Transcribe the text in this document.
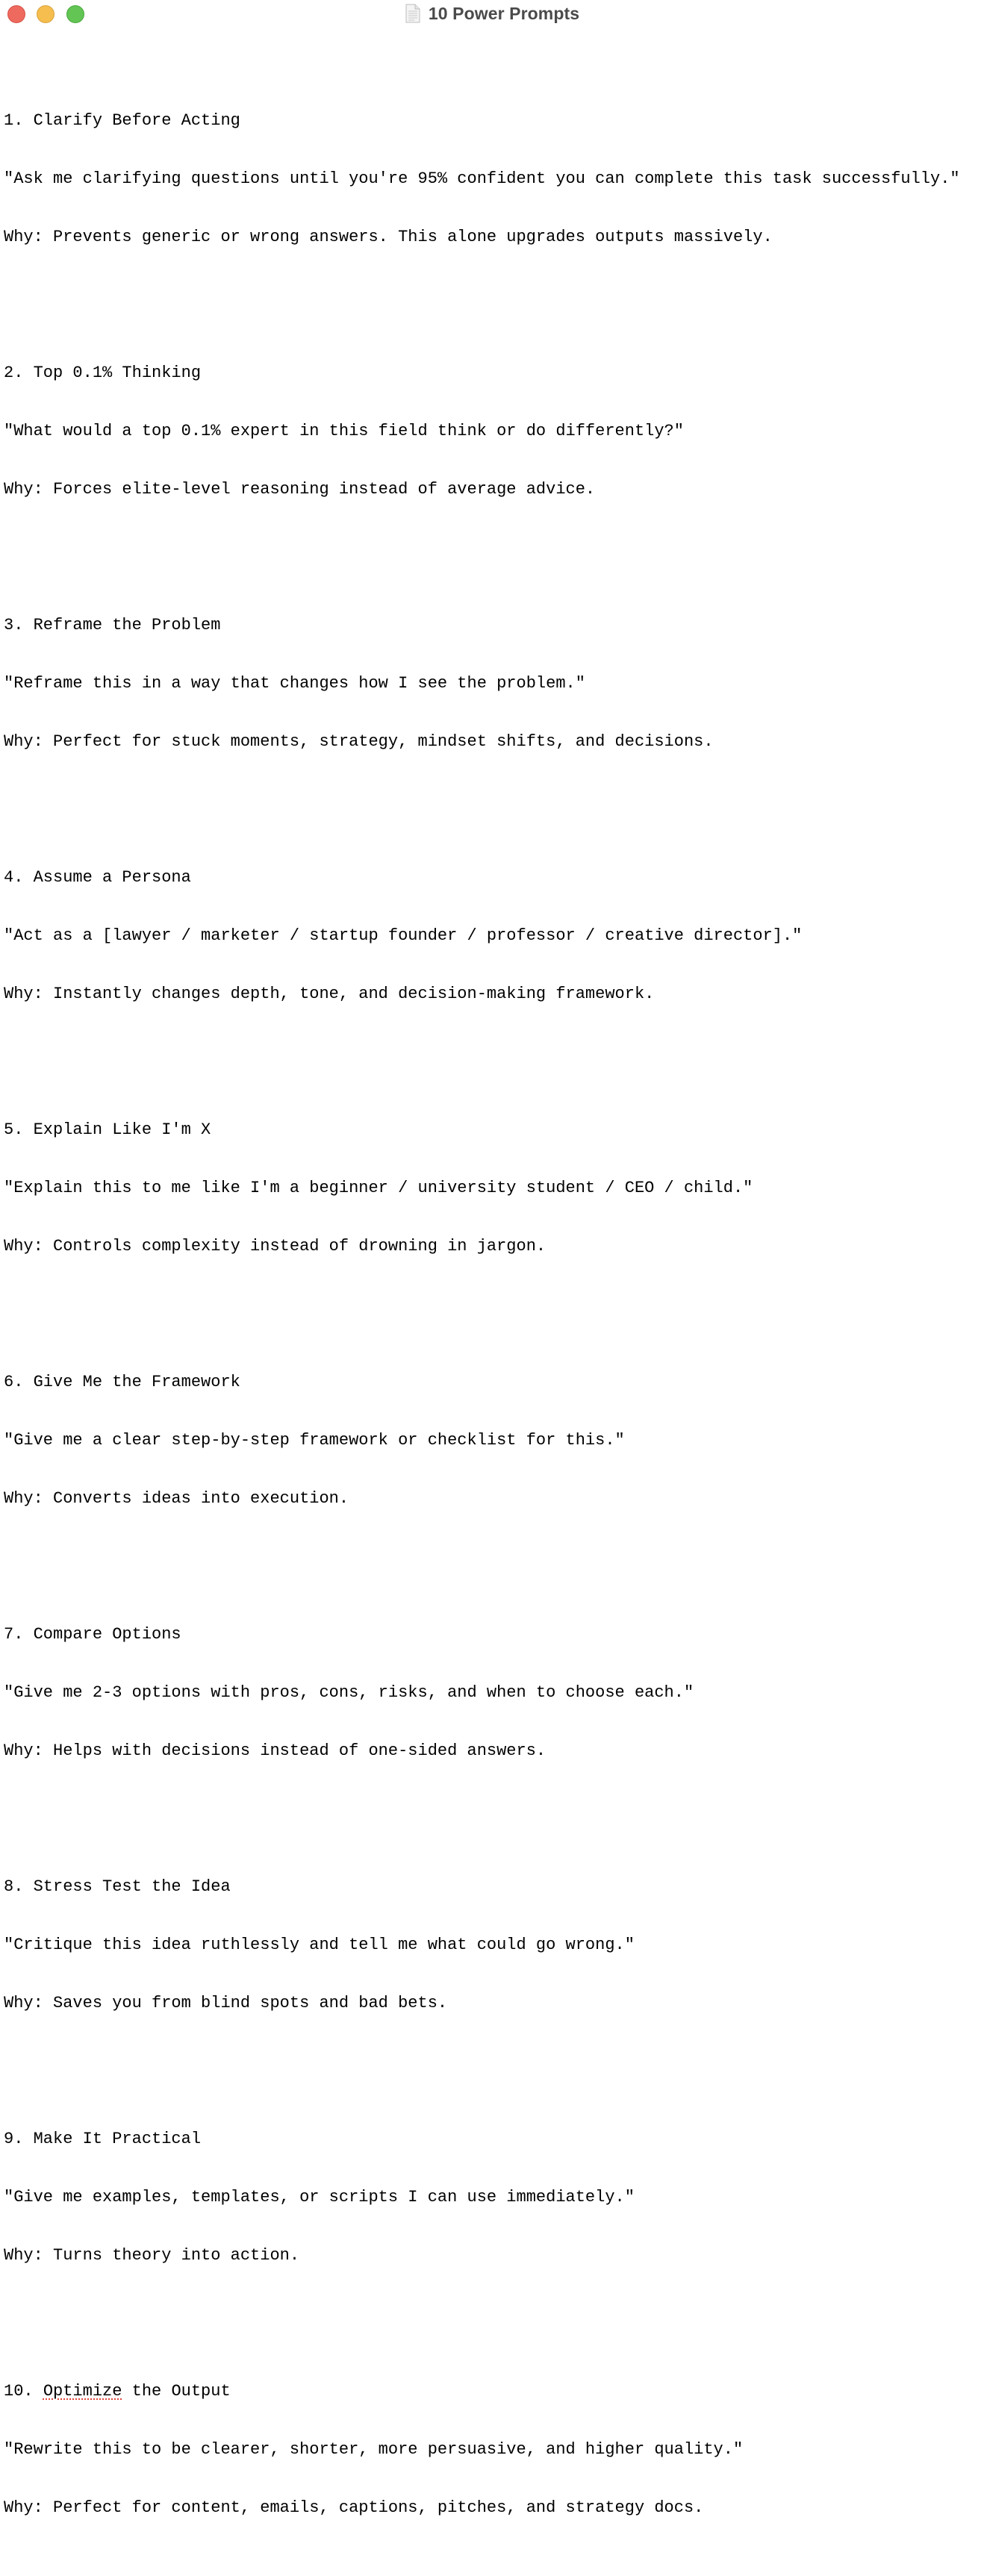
10 Power Prompts

1. Clarify Before Acting

"Ask me clarifying questions until you're 95% confident you can complete this task successfully."

Why: Prevents generic or wrong answers. This alone upgrades outputs massively.

2. Top 0.1% Thinking

"What would a top 0.1% expert in this field think or do differently?"

Why: Forces elite-level reasoning instead of average advice.

3. Reframe the Problem

"Reframe this in a way that changes how I see the problem."

Why: Perfect for stuck moments, strategy, mindset shifts, and decisions.

4. Assume a Persona

"Act as a [lawyer / marketer / startup founder / professor / creative director]."

Why: Instantly changes depth, tone, and decision-making framework.

5. Explain Like I'm X

"Explain this to me like I'm a beginner / university student / CEO / child."

Why: Controls complexity instead of drowning in jargon.

6. Give Me the Framework

"Give me a clear step-by-step framework or checklist for this."

Why: Converts ideas into execution.

7. Compare Options

"Give me 2-3 options with pros, cons, risks, and when to choose each."

Why: Helps with decisions instead of one-sided answers.

8. Stress Test the Idea

"Critique this idea ruthlessly and tell me what could go wrong."

Why: Saves you from blind spots and bad bets.

9. Make It Practical

"Give me examples, templates, or scripts I can use immediately."

Why: Turns theory into action.

10. Optimize the Output

"Rewrite this to be clearer, shorter, more persuasive, and higher quality."

Why: Perfect for content, emails, captions, pitches, and strategy docs.
